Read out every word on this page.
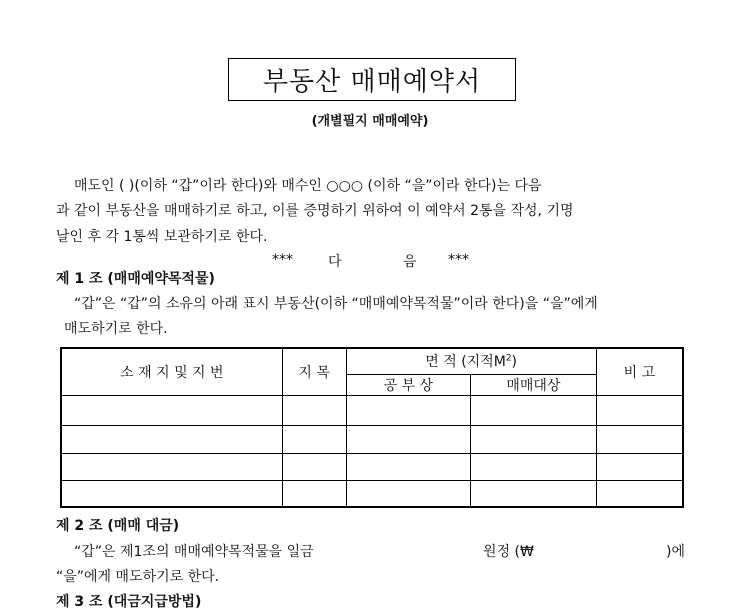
부동산 매매예약서
(개별필지 매매예약)
매도인 ( )(이하 “갑”이라 한다)와 매수인 ○○○ (이하 “을”이라 한다)는 다음
과 같이 부동산을 매매하기로 하고, 이를 증명하기 위하여 이 예약서 2통을 작성, 기명
날인 후 각 1통씩 보관하기로 한다.
***	다	음 ***
제 1 조 (매매예약목적물)
“갑”은 “갑”의 소유의 아래 표시 부동산(이하 “매매예약목적물”이라 한다)을 “을”에게
매도하기로 한다.
소 재 지 및 지 번	지 목	면 적 (지적$M^2$)		비 고
		공 부 상	매매대상	

제 2 조 (매매 대금)
“갑”은 제1조의 매매예약목적물을 일금	원정 (₩	)에
“을”에게 매도하기로 한다.
제 3 조 (대금지급방법)
